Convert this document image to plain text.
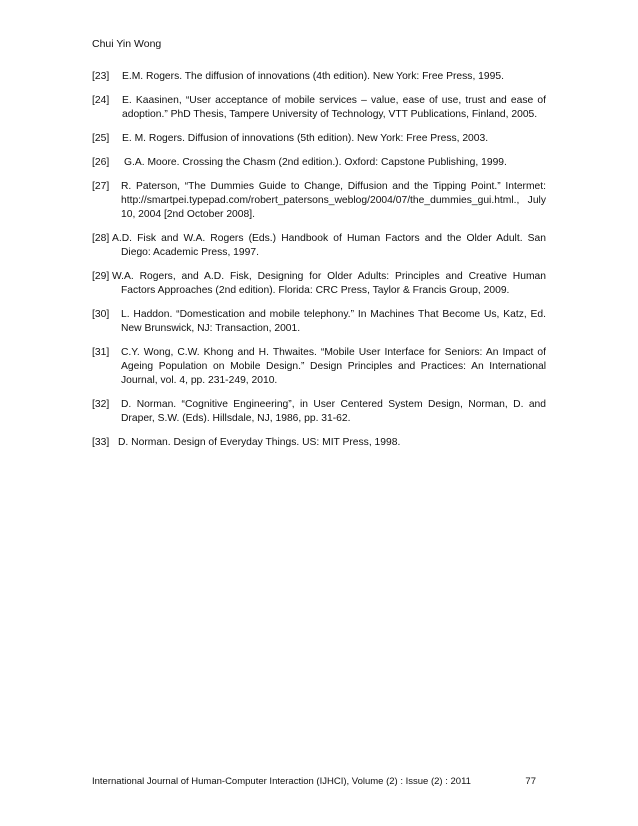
Chui Yin Wong
[23]	E.M. Rogers. The diffusion of innovations (4th edition). New York: Free Press, 1995.
[24]	E. Kaasinen, “User acceptance of mobile services – value, ease of use, trust and ease of adoption.” PhD Thesis, Tampere University of Technology, VTT Publications, Finland, 2005.
[25]	E. M. Rogers. Diffusion of innovations (5th edition). New York: Free Press, 2003.
[26]	G.A. Moore. Crossing the Chasm (2nd edition.). Oxford: Capstone Publishing, 1999.
[27]	R. Paterson, “The Dummies Guide to Change, Diffusion and the Tipping Point.” Intermet: http://smartpei.typepad.com/robert_patersons_weblog/2004/07/the_dummies_gui.html., July 10, 2004 [2nd October 2008].
[28] A.D. Fisk and W.A. Rogers (Eds.) Handbook of Human Factors and the Older Adult. San Diego: Academic Press, 1997.
[29] W.A. Rogers, and A.D. Fisk, Designing for Older Adults: Principles and Creative Human Factors Approaches (2nd edition). Florida: CRC Press, Taylor & Francis Group, 2009.
[30]	L. Haddon. “Domestication and mobile telephony.” In Machines That Become Us, Katz, Ed. New Brunswick, NJ: Transaction, 2001.
[31]	C.Y. Wong, C.W. Khong and H. Thwaites. “Mobile User Interface for Seniors: An Impact of Ageing Population on Mobile Design.” Design Principles and Practices: An International Journal, vol. 4, pp. 231-249, 2010.
[32]	D. Norman. “Cognitive Engineering”, in User Centered System Design, Norman, D. and Draper, S.W. (Eds). Hillsdale, NJ, 1986, pp. 31-62.
[33] D. Norman. Design of Everyday Things. US: MIT Press, 1998.
International Journal of Human-Computer Interaction (IJHCI), Volume (2) : Issue (2) : 2011	77
